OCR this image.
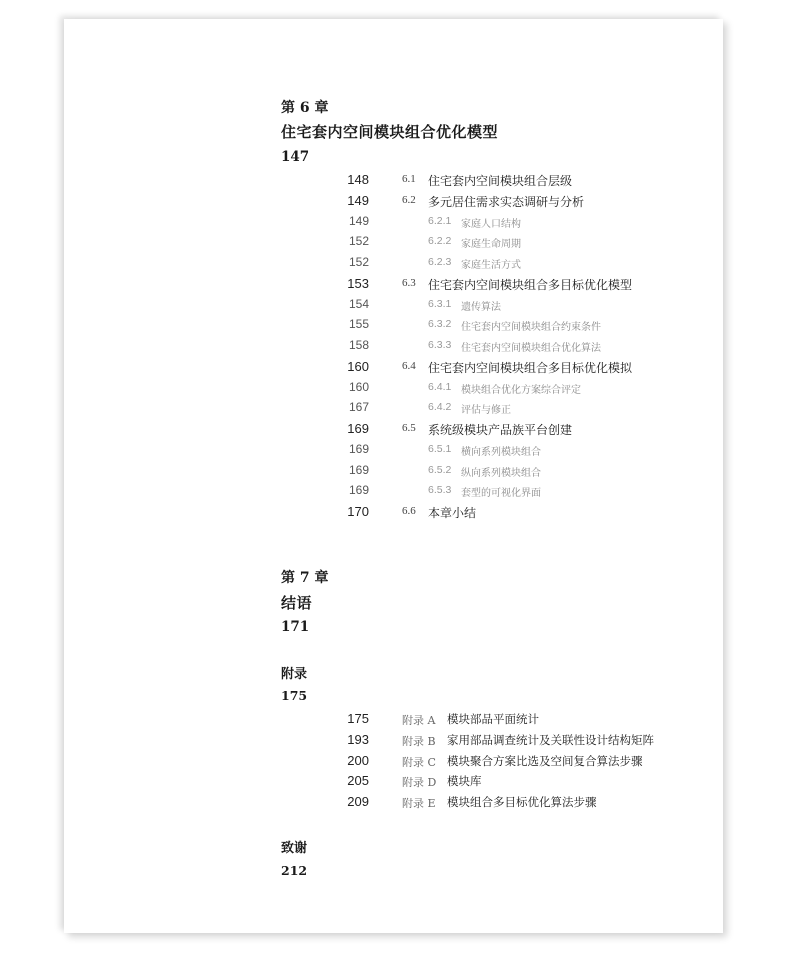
第 6 章
住宅套内空间模块组合优化模型
147
148	6.1 住宅套内空间模块组合层级
149	6.2 多元居住需求实态调研与分析
149	6.2.1 家庭人口结构
152	6.2.2 家庭生命周期
152	6.2.3 家庭生活方式
153	6.3 住宅套内空间模块组合多目标优化模型
154	6.3.1 遗传算法
155	6.3.2 住宅套内空间模块组合约束条件
158	6.3.3 住宅套内空间模块组合优化算法
160	6.4 住宅套内空间模块组合多目标优化模拟
160	6.4.1 模块组合优化方案综合评定
167	6.4.2 评估与修正
169	6.5 系统级模块产品族平台创建
169	6.5.1 横向系列模块组合
169	6.5.2 纵向系列模块组合
169	6.5.3 套型的可视化界面
170	6.6 本章小结
第 7 章
结语
171
附录
175
175	附录 A 模块部品平面统计
193	附录 B 家用部品调查统计及关联性设计结构矩阵
200	附录 C 模块聚合方案比选及空间复合算法步骤
205	附录 D 模块库
209	附录 E 模块组合多目标优化算法步骤
致谢
212
